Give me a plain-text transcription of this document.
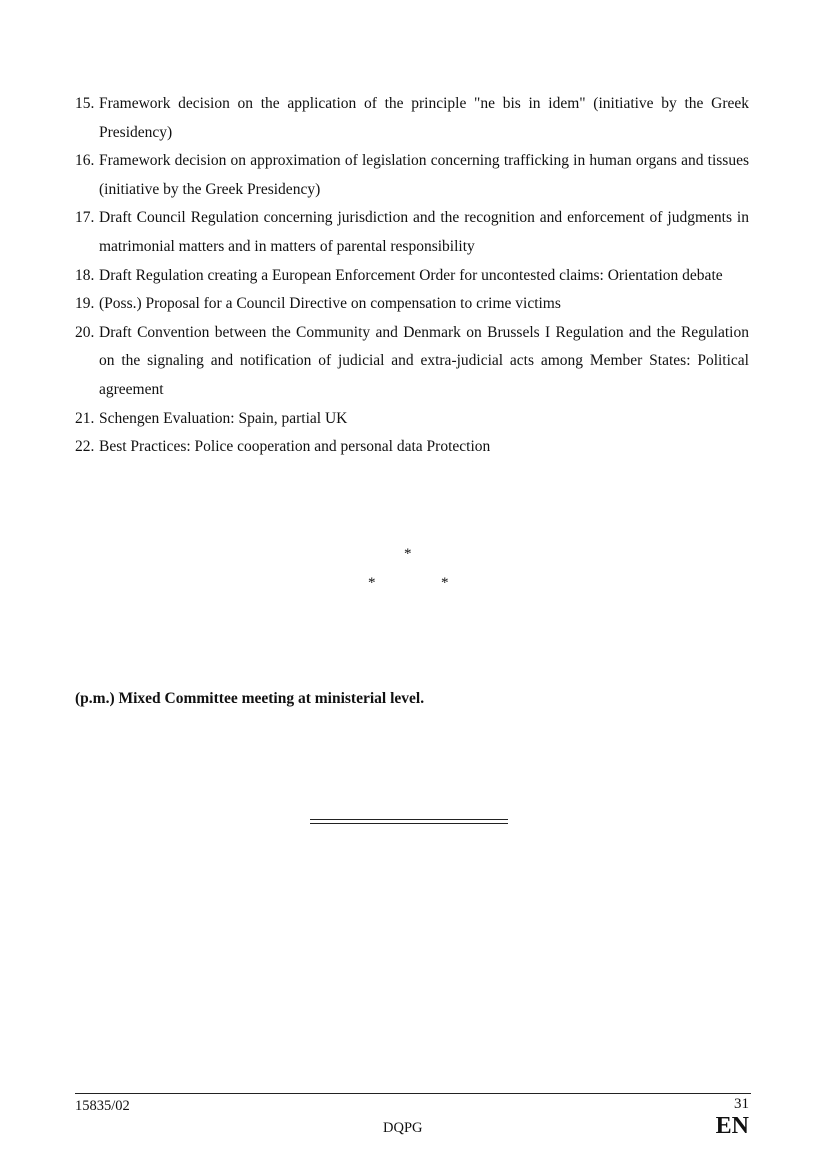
15. Framework decision on the application of the principle "ne bis in idem" (initiative by the Greek Presidency)
16. Framework decision on approximation of legislation concerning trafficking in human organs and tissues (initiative by the Greek Presidency)
17. Draft Council Regulation concerning jurisdiction and the recognition and enforcement of judgments in matrimonial matters and in matters of parental responsibility
18. Draft Regulation creating a European Enforcement Order for uncontested claims: Orientation debate
19. (Poss.) Proposal for a Council Directive on compensation to crime victims
20. Draft Convention between the Community and Denmark on Brussels I Regulation and the Regulation on the signaling and notification of judicial and extra-judicial acts among Member States: Political agreement
21. Schengen Evaluation: Spain, partial UK
22. Best Practices: Police cooperation and personal data Protection
*
*	*

(p.m.) Mixed Committee meeting at ministerial level.

15835/02
DQPG
31
EN
